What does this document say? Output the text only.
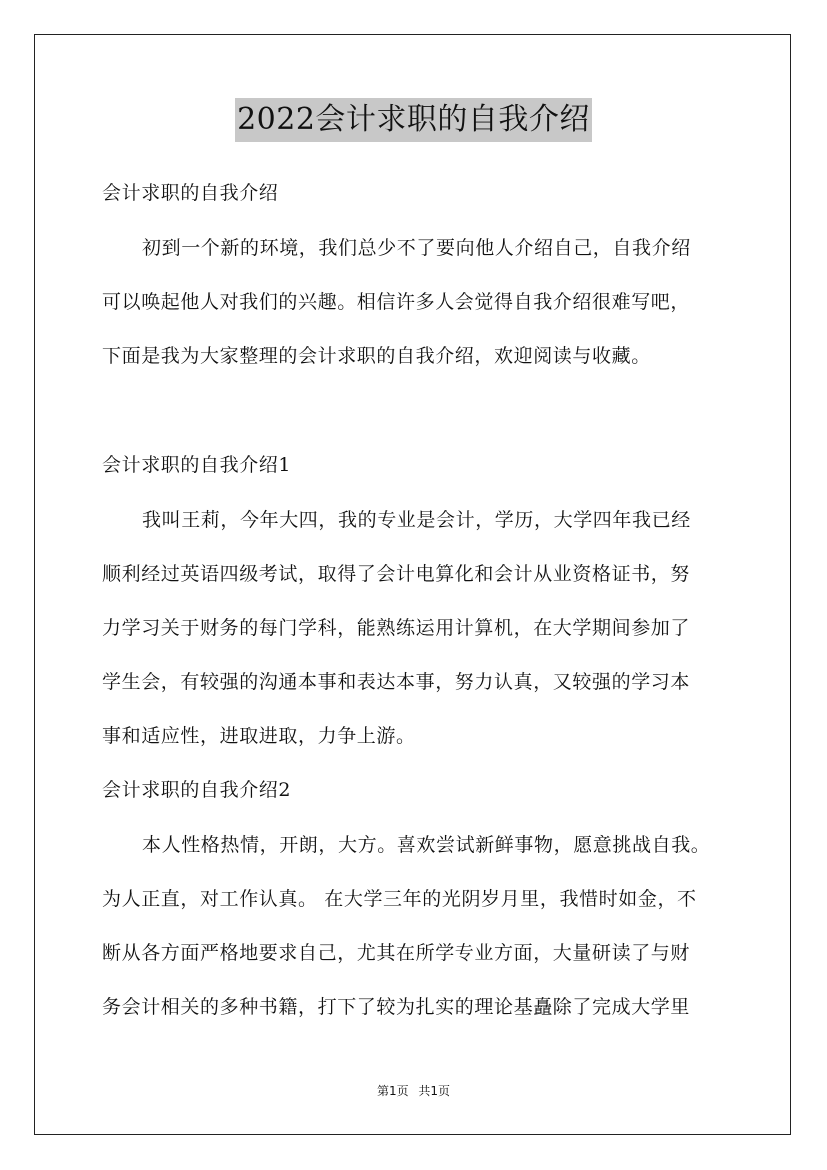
2022会计求职的自我介绍
会计求职的自我介绍
初到一个新的环境，我们总少不了要向他人介绍自己，自我介绍
可以唤起他人对我们的兴趣。相信许多人会觉得自我介绍很难写吧，
下面是我为大家整理的会计求职的自我介绍，欢迎阅读与收藏。
会计求职的自我介绍1
我叫王莉，今年大四，我的专业是会计，学历，大学四年我已经
顺利经过英语四级考试，取得了会计电算化和会计从业资格证书，努
力学习关于财务的每门学科，能熟练运用计算机，在大学期间参加了
学生会，有较强的沟通本事和表达本事，努力认真，又较强的学习本
事和适应性，进取进取，力争上游。
会计求职的自我介绍2
本人性格热情，开朗，大方。喜欢尝试新鲜事物，愿意挑战自我。
为人正直，对工作认真。 在大学三年的光阴岁月里，我惜时如金，不
断从各方面严格地要求自己，尤其在所学专业方面，大量研读了与财
务会计相关的多种书籍，打下了较为扎实的理论基矗除了完成大学里
第1页 共1页
